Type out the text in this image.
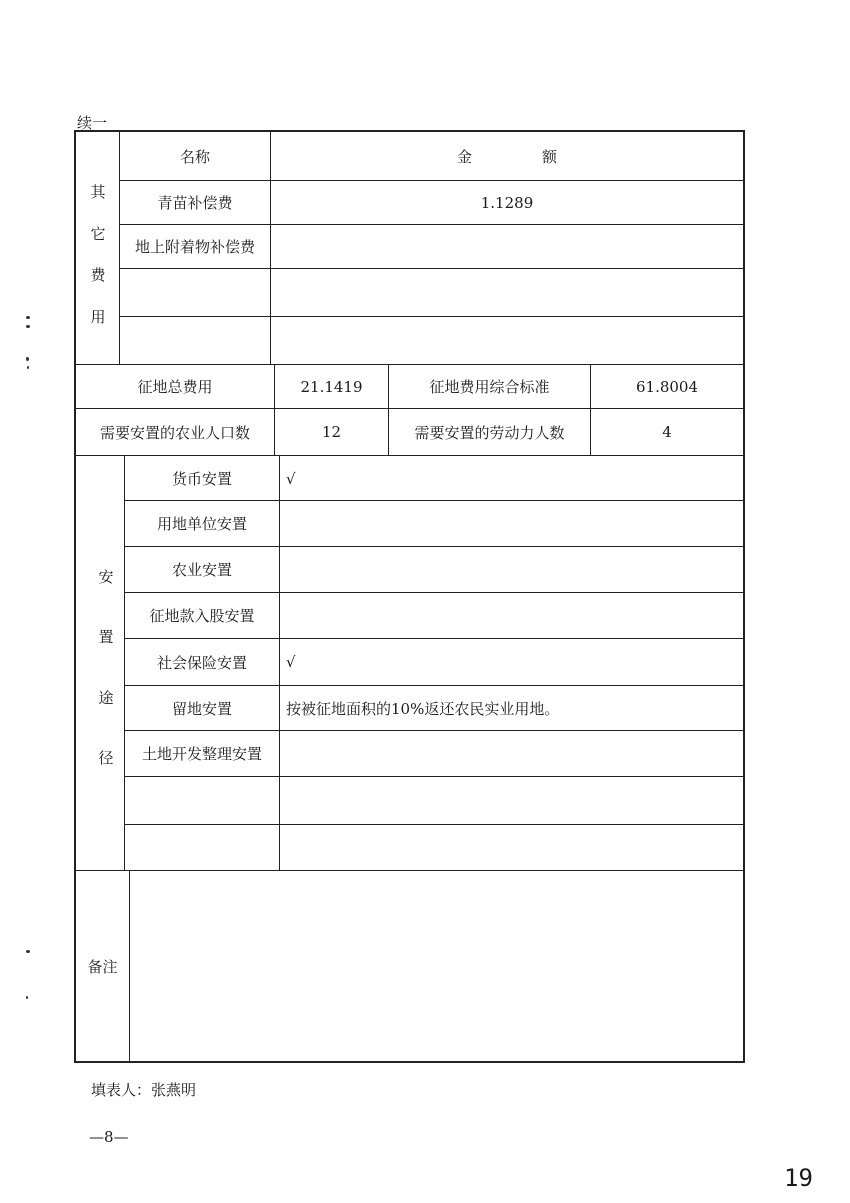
续一
其
它
费
用
名称	金	额
青苗补偿费	1.1289
地上附着物补偿费
征地总费用	21.1419	征地费用综合标准	61.8004
需要安置的农业人口数	12	需要安置的劳动力人数	4
安
置
途
径
货币安置	√
用地单位安置
农业安置
征地款入股安置
社会保险安置	√
留地安置	按被征地面积的10%返还农民实业用地。
土地开发整理安置
备注
填表人：张燕明
—8—
19
